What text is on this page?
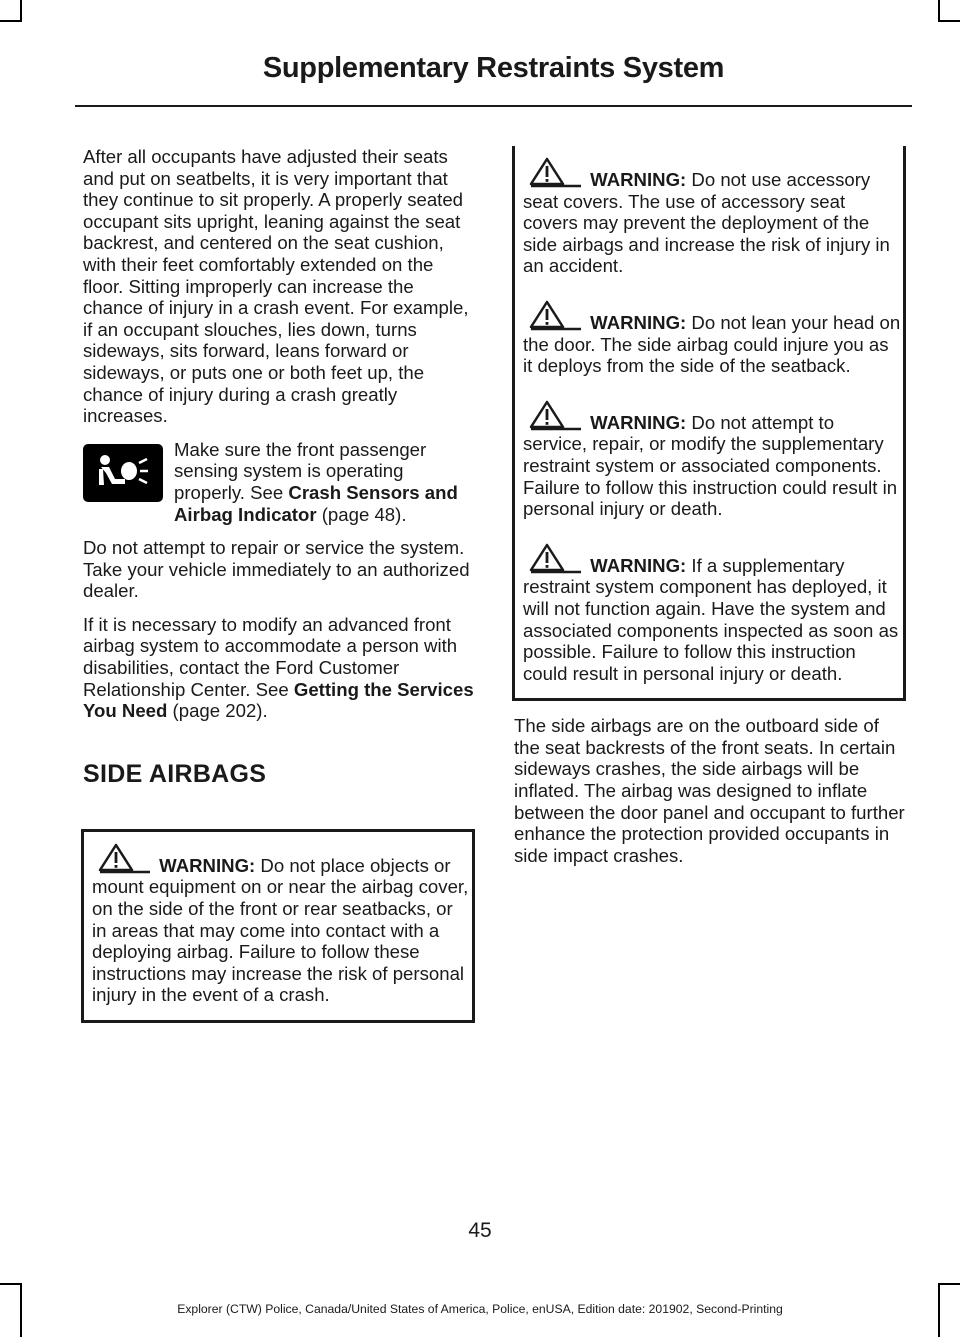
Supplementary Restraints System

After all occupants have adjusted their seats and put on seatbelts, it is very important that they continue to sit properly. A properly seated occupant sits upright, leaning against the seat backrest, and centered on the seat cushion, with their feet comfortably extended on the floor. Sitting improperly can increase the chance of injury in a crash event. For example, if an occupant slouches, lies down, turns sideways, sits forward, leans forward or sideways, or puts one or both feet up, the chance of injury during a crash greatly increases.

Make sure the front passenger sensing system is operating properly. See Crash Sensors and Airbag Indicator (page 48).

Do not attempt to repair or service the system. Take your vehicle immediately to an authorized dealer.

If it is necessary to modify an advanced front airbag system to accommodate a person with disabilities, contact the Ford Customer Relationship Center. See Getting the Services You Need (page 202).

SIDE AIRBAGS
WARNING: Do not place objects or mount equipment on or near the airbag cover, on the side of the front or rear seatbacks, or in areas that may come into contact with a deploying airbag. Failure to follow these instructions may increase the risk of personal injury in the event of a crash.
WARNING: Do not use accessory seat covers. The use of accessory seat covers may prevent the deployment of the side airbags and increase the risk of injury in an accident.
WARNING: Do not lean your head on the door. The side airbag could injure you as it deploys from the side of the seatback.
WARNING: Do not attempt to service, repair, or modify the supplementary restraint system or associated components. Failure to follow this instruction could result in personal injury or death.
WARNING: If a supplementary restraint system component has deployed, it will not function again. Have the system and associated components inspected as soon as possible. Failure to follow this instruction could result in personal injury or death.

The side airbags are on the outboard side of the seat backrests of the front seats. In certain sideways crashes, the side airbags will be inflated. The airbag was designed to inflate between the door panel and occupant to further enhance the protection provided occupants in side impact crashes.

45
Explorer (CTW) Police, Canada/United States of America, Police, enUSA, Edition date: 201902, Second-Printing
